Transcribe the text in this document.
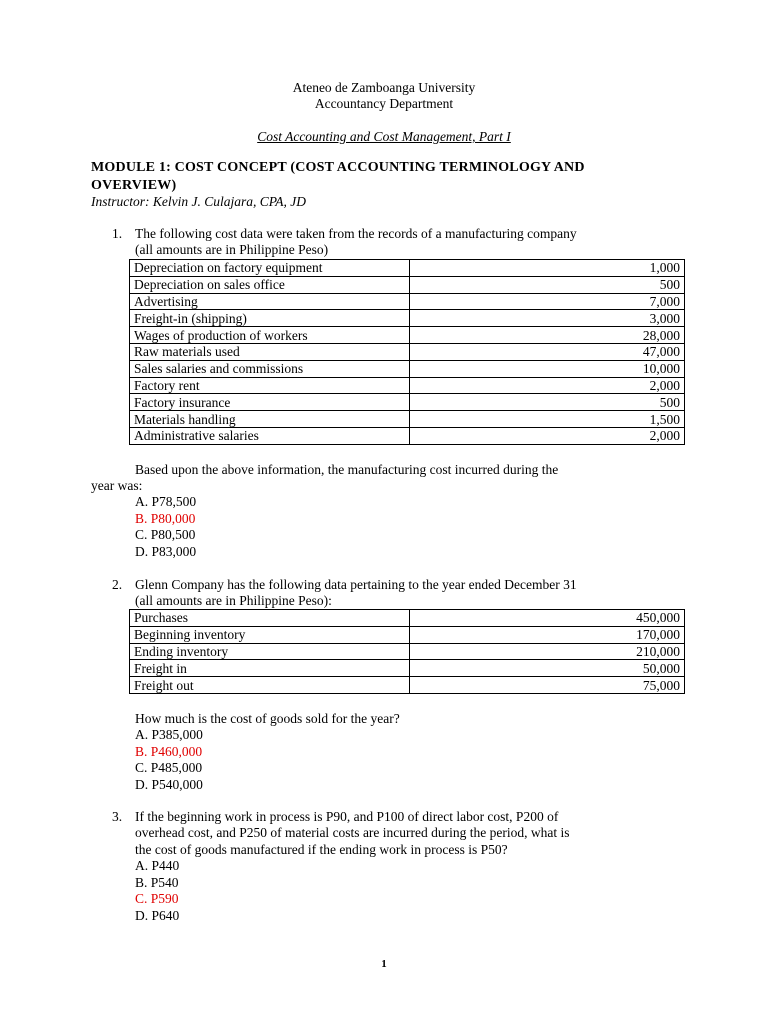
Ateneo de Zamboanga University
Accountancy Department
Cost Accounting and Cost Management, Part I
MODULE 1: COST CONCEPT (COST ACCOUNTING TERMINOLOGY AND
OVERVIEW)
Instructor: Kelvin J. Culajara, CPA, JD
1. The following cost data were taken from the records of a manufacturing company
(all amounts are in Philippine Peso)
Depreciation on factory equipment	1,000
Depreciation on sales office	500
Advertising	7,000
Freight-in (shipping)	3,000
Wages of production of workers	28,000
Raw materials used	47,000
Sales salaries and commissions	10,000
Factory rent	2,000
Factory insurance	500
Materials handling	1,500
Administrative salaries	2,000
Based upon the above information, the manufacturing cost incurred during the
year was:
A. P78,500
B. P80,000
C. P80,500
D. P83,000
2. Glenn Company has the following data pertaining to the year ended December 31
(all amounts are in Philippine Peso):
Purchases	450,000
Beginning inventory	170,000
Ending inventory	210,000
Freight in	50,000
Freight out	75,000
How much is the cost of goods sold for the year?
A. P385,000
B. P460,000
C. P485,000
D. P540,000
3. If the beginning work in process is P90, and P100 of direct labor cost, P200 of
overhead cost, and P250 of material costs are incurred during the period, what is
the cost of goods manufactured if the ending work in process is P50?
A. P440
B. P540
C. P590
D. P640
1
